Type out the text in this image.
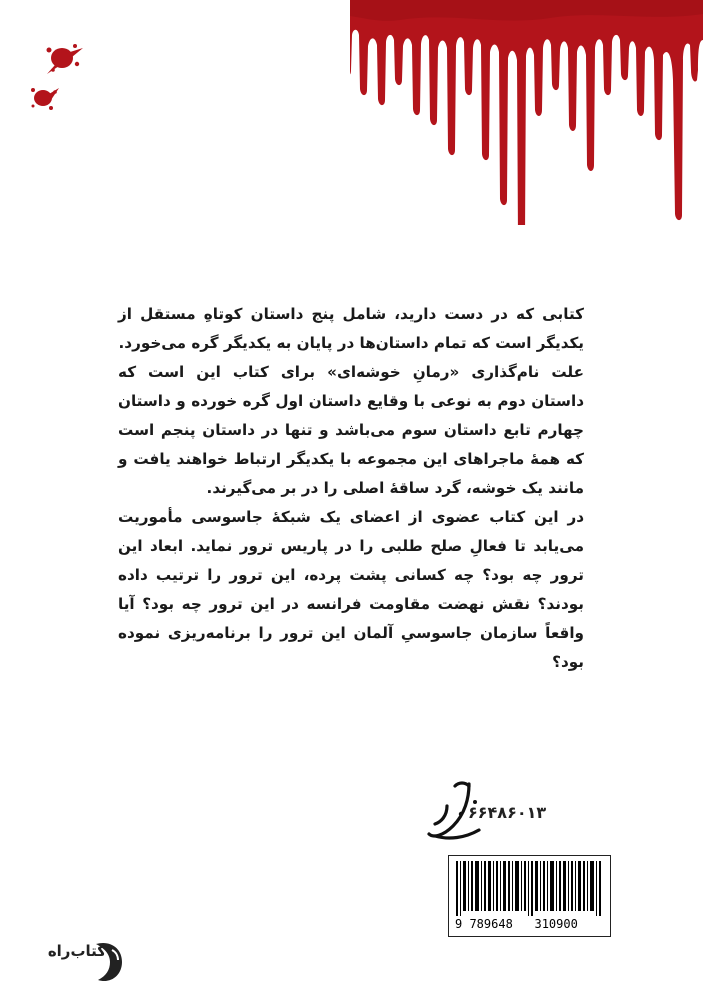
کتابی که در دست دارید، شامل پنج داستان کوتاهِ مستقل از یکدیگر است که تمام داستان‌ها در پایان به یکدیگر گره می‌خورد.

علت نام‌گذاری «رمانِ خوشه‌ای» برای کتاب این است که داستان دوم به نوعی با وقایع داستان اول گره خورده و داستان چهارم تابع داستان سوم می‌باشد و تنها در داستان پنجم است که همهٔ ماجراهای این مجموعه با یکدیگر ارتباط خواهند یافت و مانند یک خوشه، گرد ساقهٔ اصلی را در بر می‌گیرند.

در این کتاب عضوی از اعضای یک شبکهٔ جاسوسی مأموریت می‌یابد تا فعالِ صلح طلبی را در پاریس ترور نماید. ابعاد این ترور چه بود؟ چه کسانی پشت پرده، این ترور را ترتیب داده بودند؟ نقش نهضت مقاومت فرانسه در این ترور چه بود؟ آیا واقعاً سازمان جاسوسیِ آلمان این ترور را برنامه‌ریزی نموده بود؟

۶۶۴۸۶۰۱۳
9 789648   310900
کتاب‌راه
